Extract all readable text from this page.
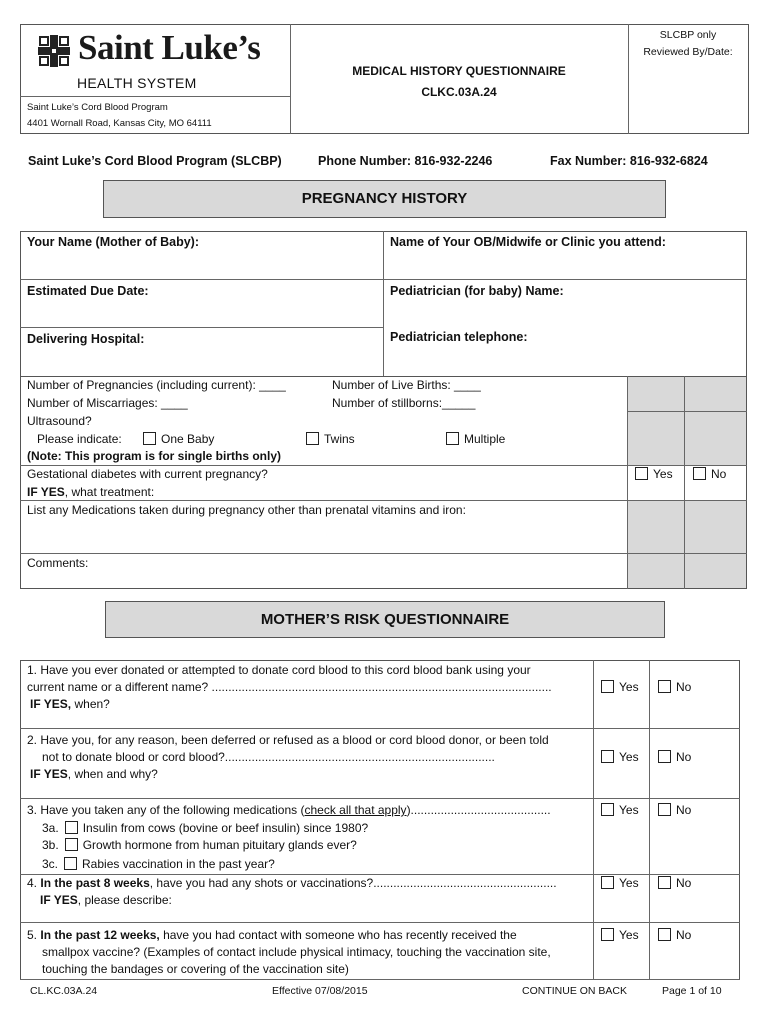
Saint Luke’s
HEALTH SYSTEM
Saint Luke’s Cord Blood Program
4401 Wornall Road, Kansas City, MO 64111
MEDICAL HISTORY QUESTIONNAIRE
CLKC.03A.24
SLCBP only
Reviewed By/Date:
Saint Luke’s Cord Blood Program (SLCBP)	Phone Number: 816-932-2246	Fax Number: 816-932-6824
PREGNANCY HISTORY
Your Name (Mother of Baby):	Name of Your OB/Midwife or Clinic you attend:
Estimated Due Date:	Pediatrician (for baby) Name:
Delivering Hospital:	Pediatrician telephone:
Number of Pregnancies (including current): ____	Number of Live Births: ____
Number of Miscarriages: ____	Number of stillborns:_____
Ultrasound?
Please indicate:	One Baby	Twins	Multiple
(Note: This program is for single births only)
Gestational diabetes with current pregnancy?
IF YES, what treatment:
Yes	No
List any Medications taken during pregnancy other than prenatal vitamins and iron:
Comments:
MOTHER’S RISK QUESTIONNAIRE
1. Have you ever donated or attempted to donate cord blood to this cord blood bank using your
current name or a different name? ......................................................................................................
IF YES, when?
Yes	No
2. Have you, for any reason, been deferred or refused as a blood or cord blood donor, or been told
not to donate blood or cord blood?.................................................................................
IF YES, when and why?
Yes	No
3. Have you taken any of the following medications (check all that apply)..........................................
3a. Insulin from cows (bovine or beef insulin) since 1980?
3b. Growth hormone from human pituitary glands ever?
3c. Rabies vaccination in the past year?
Yes	No
4. In the past 8 weeks, have you had any shots or vaccinations?.......................................................
IF YES, please describe:
Yes	No
5. In the past 12 weeks, have you had contact with someone who has recently received the
smallpox vaccine? (Examples of contact include physical intimacy, touching the vaccination site,
touching the bandages or covering of the vaccination site)
Yes	No
CL.KC.03A.24	Effective 07/08/2015	CONTINUE ON BACK	Page 1 of 10
